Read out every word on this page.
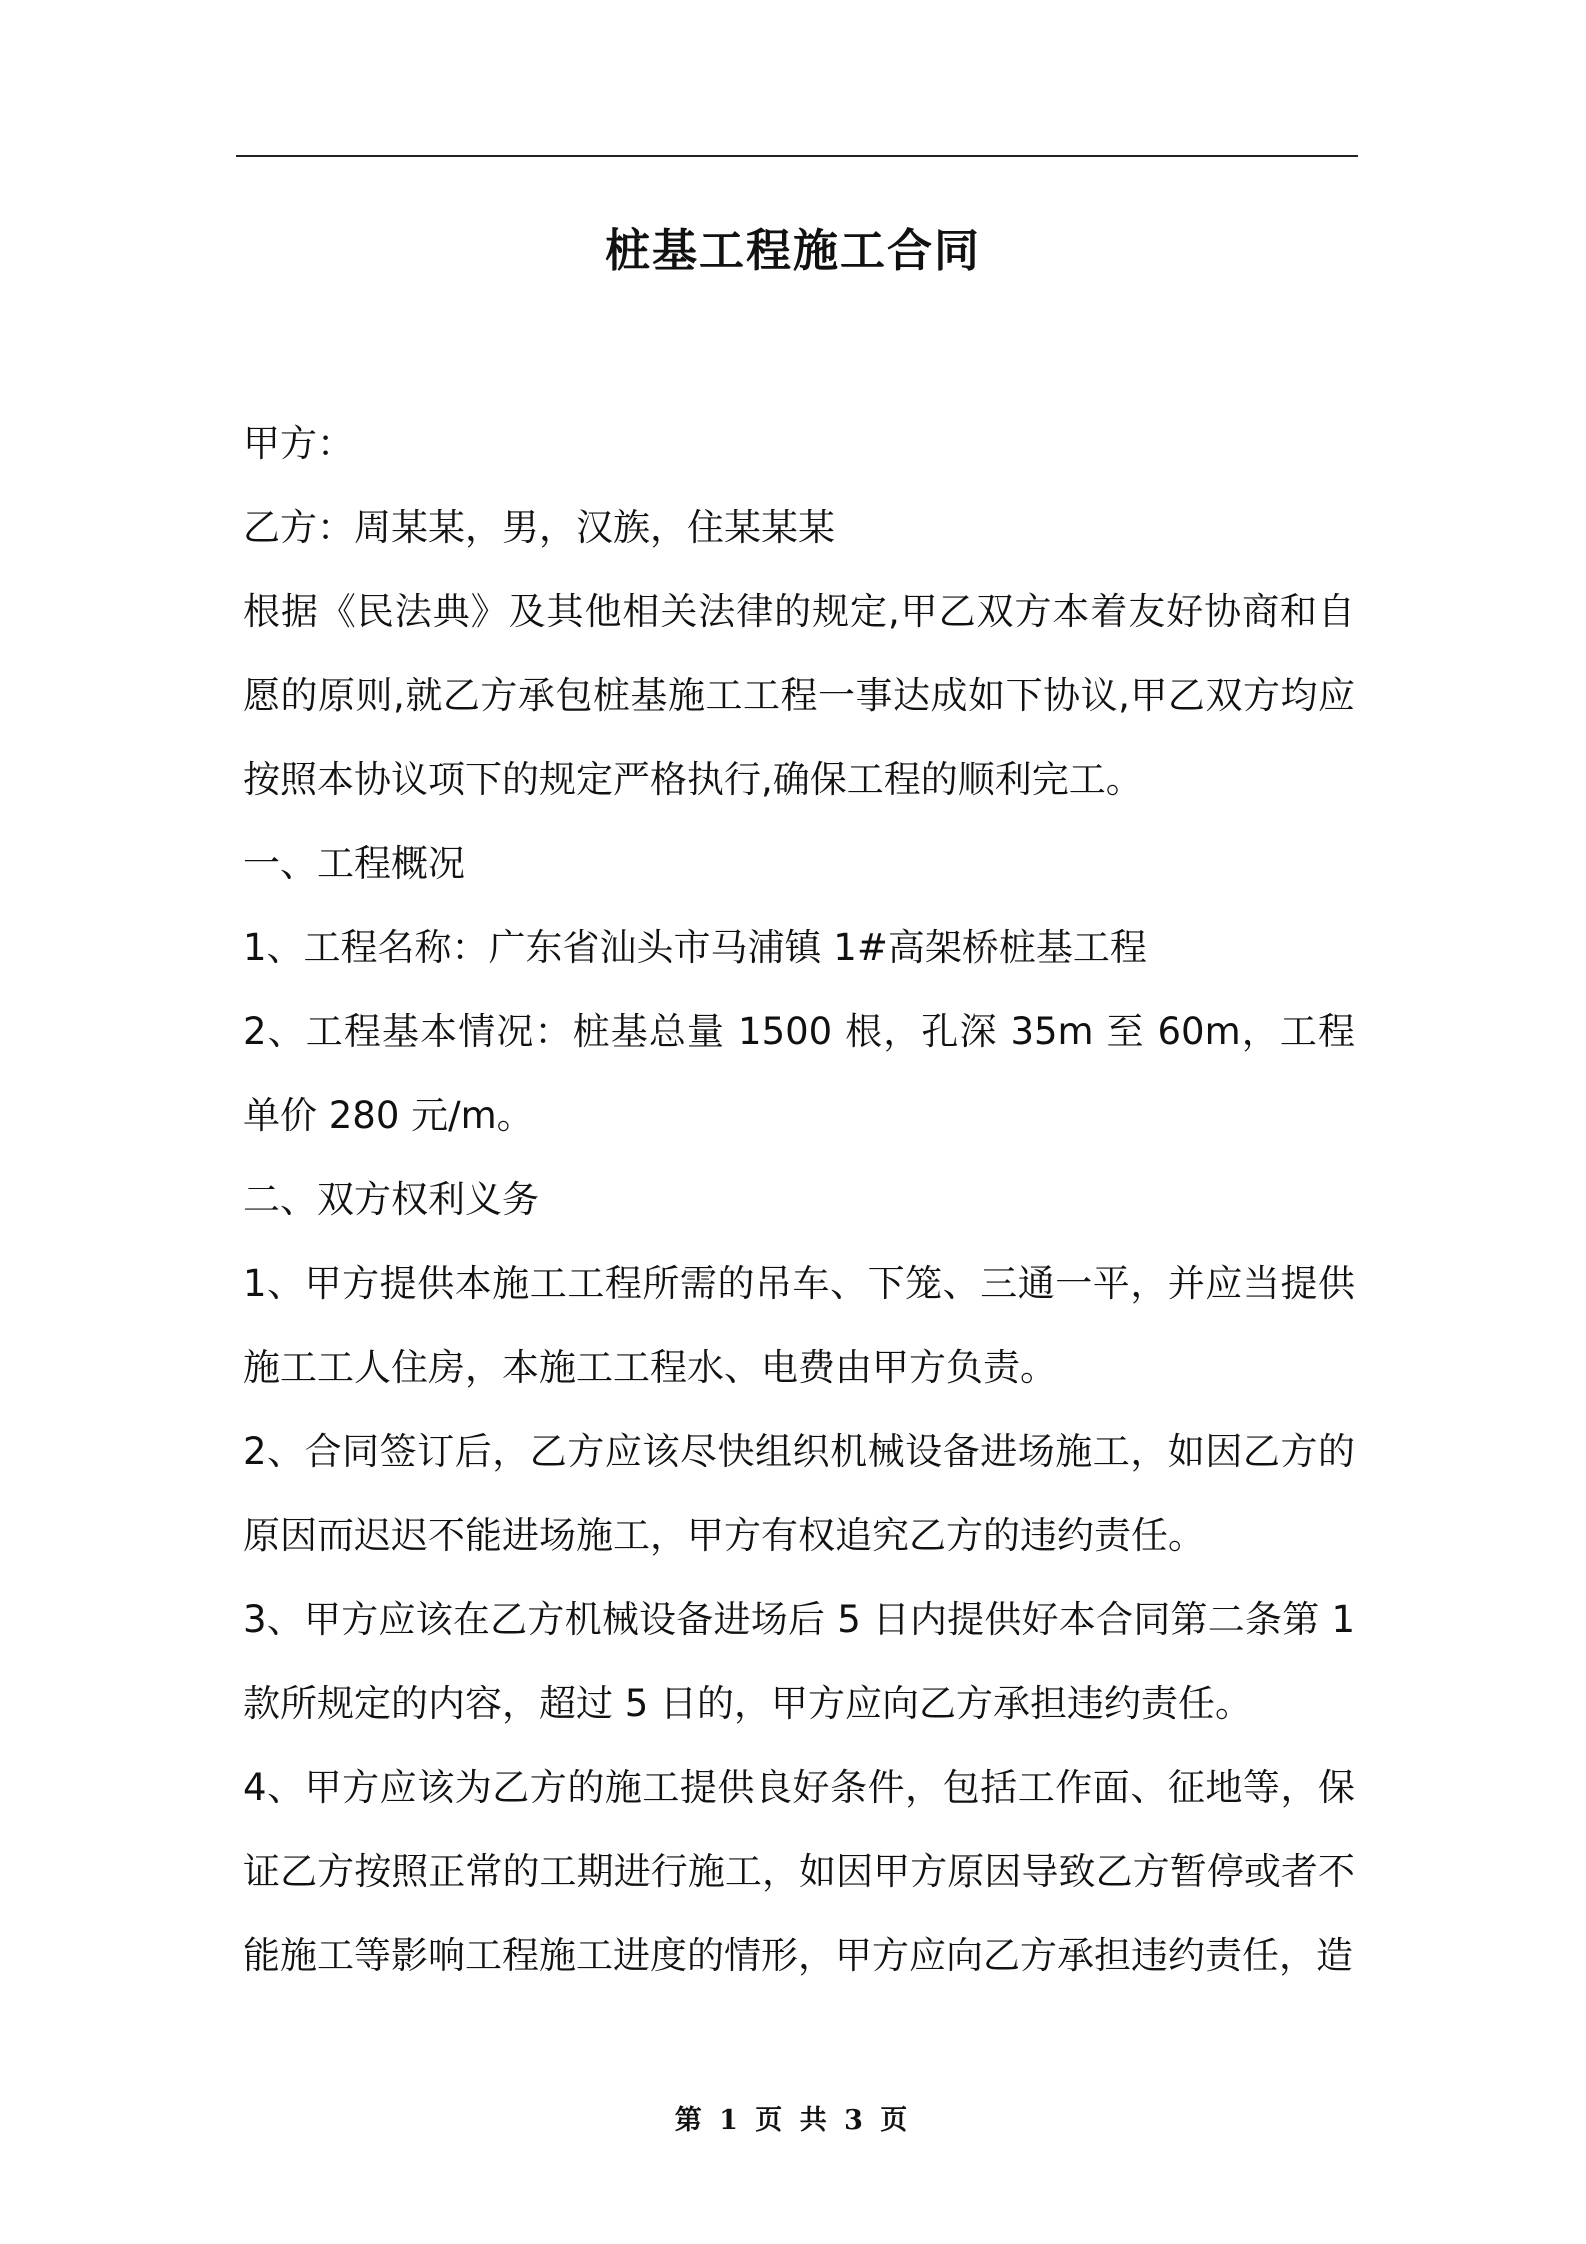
桩基工程施工合同

甲方：

乙方：周某某，男，汉族，住某某某

根据《民法典》及其他相关法律的规定,甲乙双方本着友好协商和自愿的原则,就乙方承包桩基施工工程一事达成如下协议,甲乙双方均应按照本协议项下的规定严格执行,确保工程的顺利完工。

一、工程概况

1、工程名称：广东省汕头市马浦镇 1#高架桥桩基工程

2、工程基本情况：桩基总量 1500 根，孔深 35m 至 60m，工程单价 280 元/m。

二、双方权利义务

1、甲方提供本施工工程所需的吊车、下笼、三通一平，并应当提供施工工人住房，本施工工程水、电费由甲方负责。

2、合同签订后，乙方应该尽快组织机械设备进场施工，如因乙方的原因而迟迟不能进场施工，甲方有权追究乙方的违约责任。

3、甲方应该在乙方机械设备进场后 5 日内提供好本合同第二条第 1 款所规定的内容，超过 5 日的，甲方应向乙方承担违约责任。

4、甲方应该为乙方的施工提供良好条件，包括工作面、征地等，保证乙方按照正常的工期进行施工，如因甲方原因导致乙方暂停或者不能施工等影响工程施工进度的情形，甲方应向乙方承担违约责任，造

第 1 页 共 3 页
